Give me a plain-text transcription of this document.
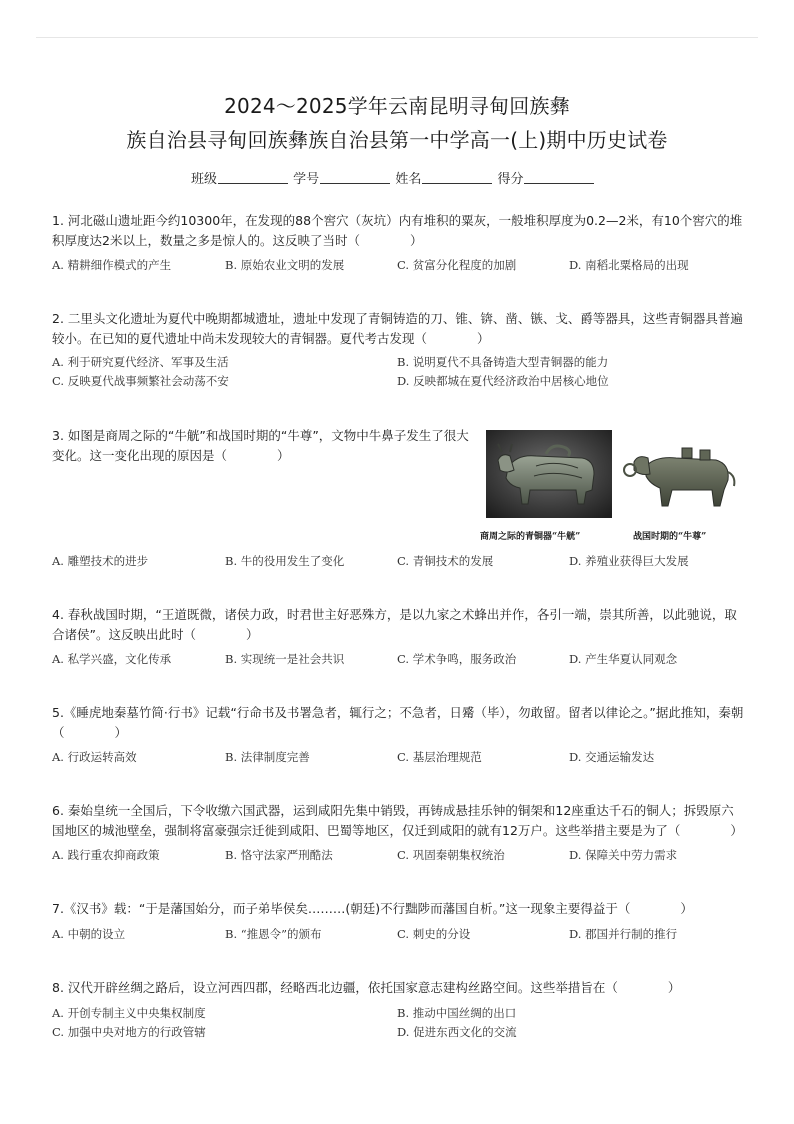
2024～2025学年云南昆明寻甸回族彝
族自治县寻甸回族彝族自治县第一中学高一(上)期中历史试卷
班级	学号	姓名	得分
1. 河北磁山遗址距今约10300年，在发现的88个窖穴（灰坑）内有堆积的粟灰，一般堆积厚度为0.2—2米，有10个窖穴的堆积厚度达2米以上，数量之多是惊人的。这反映了当时（　　　　）
A. 精耕细作模式的产生	B. 原始农业文明的发展	C. 贫富分化程度的加剧	D. 南稻北粟格局的出现
2. 二里头文化遗址为夏代中晚期都城遗址，遗址中发现了青铜铸造的刀、锥、锛、凿、镞、戈、爵等器具，这些青铜器具普遍较小。在已知的夏代遗址中尚未发现较大的青铜器。夏代考古发现（　　　　）
A. 利于研究夏代经济、军事及生活	B. 说明夏代不具备铸造大型青铜器的能力
C. 反映夏代战事频繁社会动荡不安	D. 反映都城在夏代经济政治中居核心地位
3. 如图是商周之际的“牛觥”和战国时期的“牛尊”，文物中牛鼻子发生了很大变化。这一变化出现的原因是（　　　　）
商周之际的青铜器“牛觥”	战国时期的“牛尊”
A. 雕塑技术的进步	B. 牛的役用发生了变化	C. 青铜技术的发展	D. 养殖业获得巨大发展
4. 春秋战国时期，“王道既微，诸侯力政，时君世主好恶殊方，是以九家之术蜂出并作，各引一端，崇其所善，以此驰说，取合诸侯”。这反映出此时（　　　　）
A. 私学兴盛，文化传承	B. 实现统一是社会共识	C. 学术争鸣，服务政治	D. 产生华夏认同观念
5.《睡虎地秦墓竹简·行书》记载“行命书及书署急者，辄行之；不急者，日觱（毕），勿敢留。留者以律论之。”据此推知，秦朝（　　　　）
A. 行政运转高效	B. 法律制度完善	C. 基层治理规范	D. 交通运输发达
6. 秦始皇统一全国后，下令收缴六国武器，运到咸阳先集中销毁，再铸成悬挂乐钟的铜架和12座重达千石的铜人；拆毁原六国地区的城池壁垒，强制将富豪强宗迁徙到咸阳、巴蜀等地区，仅迁到咸阳的就有12万户。这些举措主要是为了（　　　　）
A. 践行重农抑商政策	B. 恪守法家严刑酷法	C. 巩固秦朝集权统治	D. 保障关中劳力需求
7.《汉书》载：“于是藩国始分，而子弟毕侯矣………(朝廷)不行黜陟而藩国自析。”这一现象主要得益于（　　　　）
A. 中朝的设立	B. “推恩令”的颁布	C. 刺史的分设	D. 郡国并行制的推行
8. 汉代开辟丝绸之路后，设立河西四郡，经略西北边疆，依托国家意志建构丝路空间。这些举措旨在（　　　　）
A. 开创专制主义中央集权制度	B. 推动中国丝绸的出口
C. 加强中央对地方的行政管辖	D. 促进东西文化的交流
